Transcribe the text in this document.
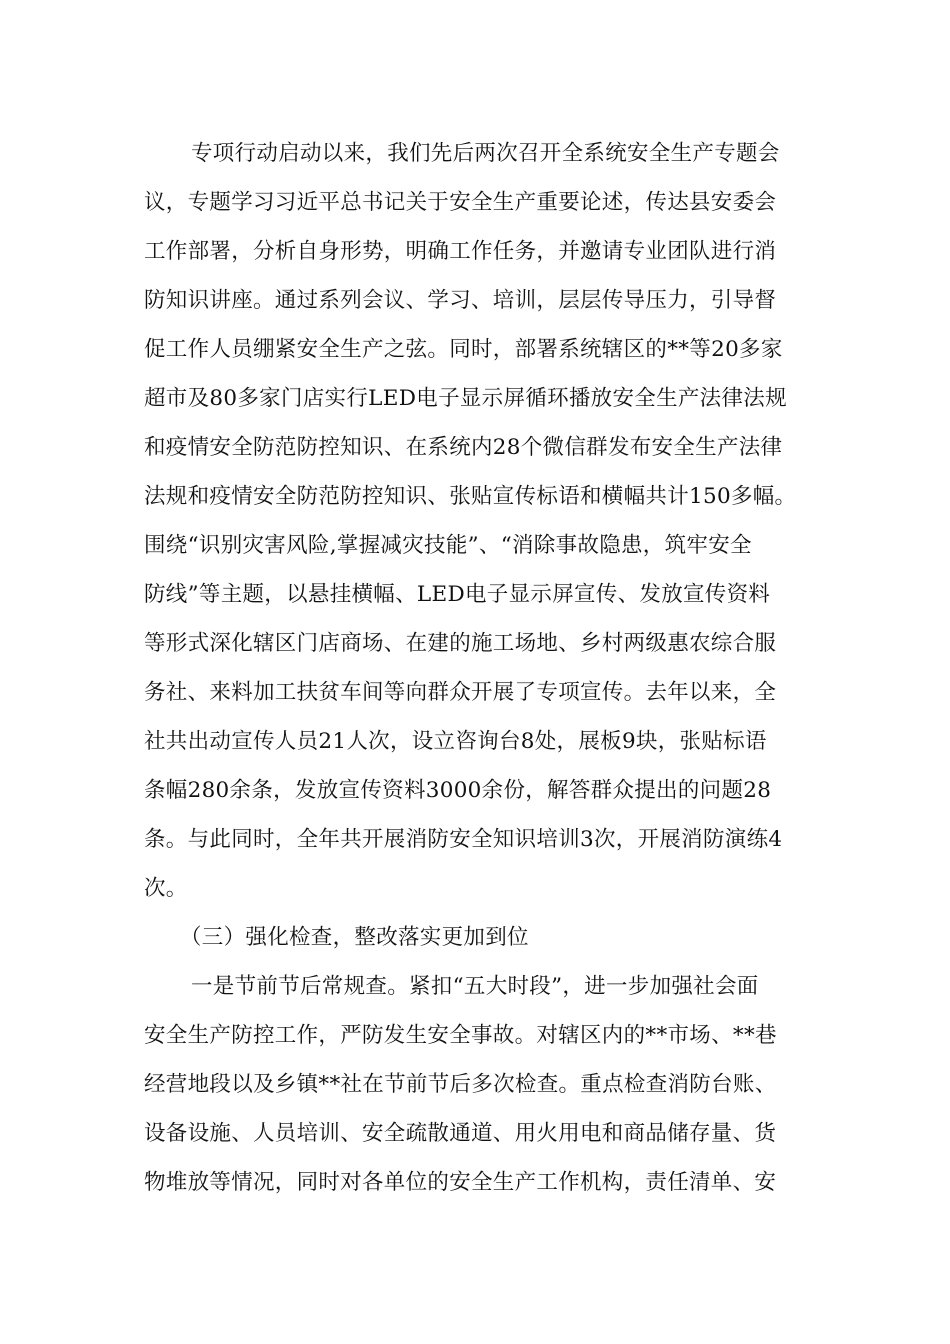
专项行动启动以来，我们先后两次召开全系统安全生产专题会
议，专题学习习近平总书记关于安全生产重要论述，传达县安委会
工作部署，分析自身形势，明确工作任务，并邀请专业团队进行消
防知识讲座。通过系列会议、学习、培训，层层传导压力，引导督
促工作人员绷紧安全生产之弦。同时，部署系统辖区的**等20多家
超市及80多家门店实行LED电子显示屏循环播放安全生产法律法规
和疫情安全防范防控知识、在系统内28个微信群发布安全生产法律
法规和疫情安全防范防控知识、张贴宣传标语和横幅共计150多幅。
围绕“识别灾害风险,掌握减灾技能”、“消除事故隐患，筑牢安全
防线”等主题，以悬挂横幅、LED电子显示屏宣传、发放宣传资料
等形式深化辖区门店商场、在建的施工场地、乡村两级惠农综合服
务社、来料加工扶贫车间等向群众开展了专项宣传。去年以来，全
社共出动宣传人员21人次，设立咨询台8处，展板9块，张贴标语
条幅280余条，发放宣传资料3000余份，解答群众提出的问题28
条。与此同时，全年共开展消防安全知识培训3次，开展消防演练4
次。
（三）强化检查，整改落实更加到位
一是节前节后常规查。紧扣“五大时段”，进一步加强社会面
安全生产防控工作，严防发生安全事故。对辖区内的**市场、**巷
经营地段以及乡镇**社在节前节后多次检查。重点检查消防台账、
设备设施、人员培训、安全疏散通道、用火用电和商品储存量、货
物堆放等情况，同时对各单位的安全生产工作机构，责任清单、安
